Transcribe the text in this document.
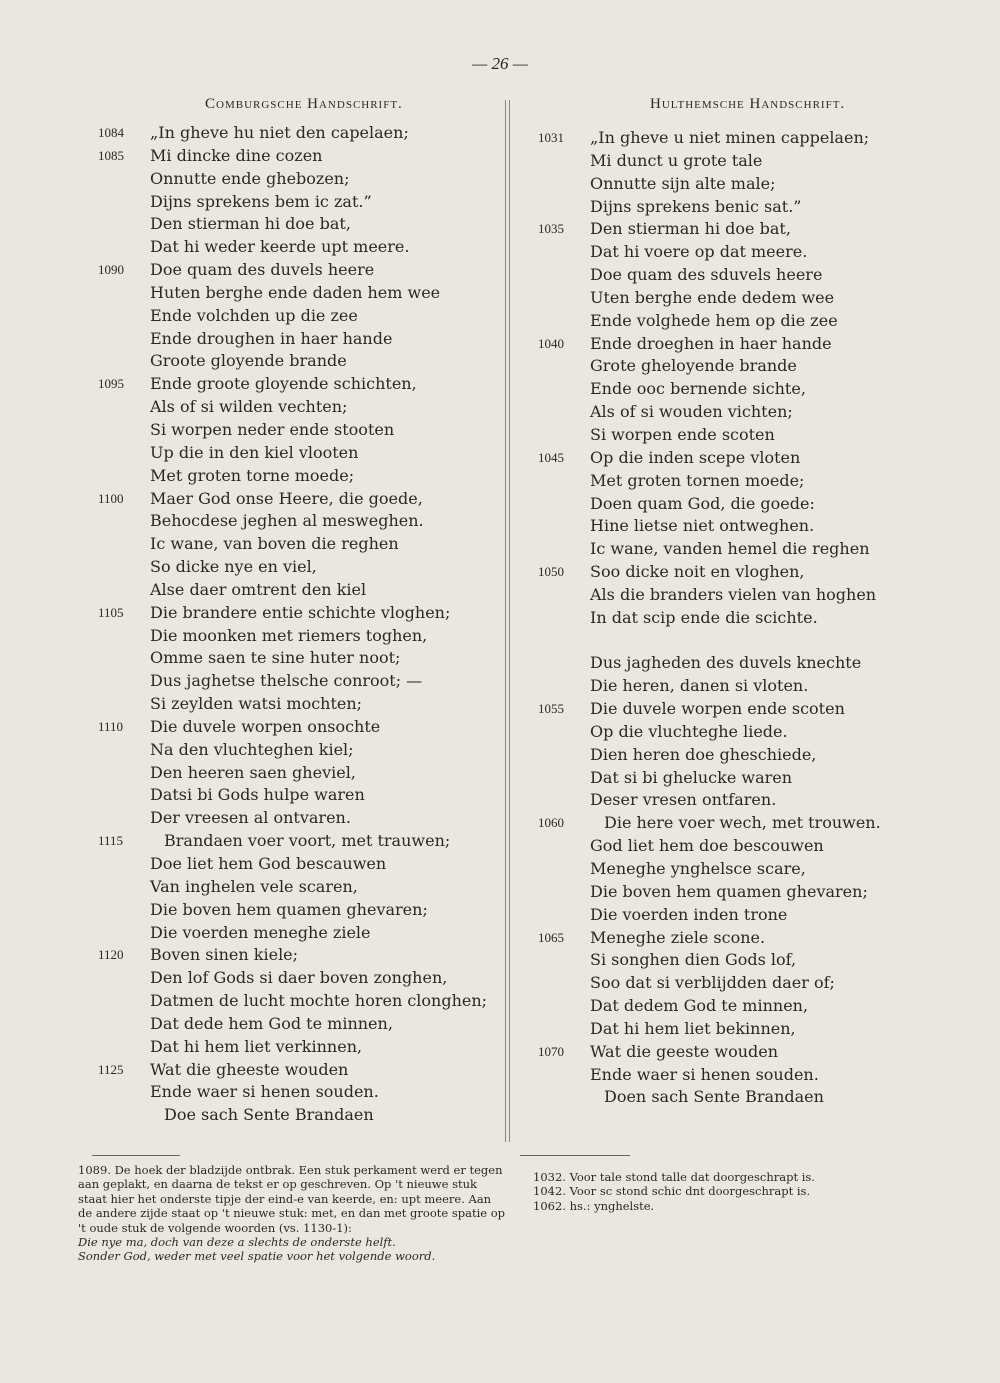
— 26 —
Comburgsche Handschrift.	Hulthemsche Handschrift.
1084	„In gheve hu niet den capelaen;
1085	Mi dincke dine cozen
Onnutte ende ghebozen;
Dijns sprekens bem ic zat.”
Den stierman hi doe bat,
Dat hi weder keerde upt meere.
1090	Doe quam des duvels heere
Huten berghe ende daden hem wee
Ende volchden up die zee
Ende droughen in haer hande
Groote gloyende brande
1095	Ende groote gloyende schichten,
Als of si wilden vechten;
Si worpen neder ende stooten
Up die in den kiel vlooten
Met groten torne moede;
1100	Maer God onse Heere, die goede,
Behocdese jeghen al mesweghen.
Ic wane, van boven die reghen
So dicke nye en viel,
Alse daer omtrent den kiel
1105	Die brandere entie schichte vloghen;
Die moonken met riemers toghen,
Omme saen te sine huter noot;
Dus jaghetse thelsche conroot; —
Si zeylden watsi mochten;
1110	Die duvele worpen onsochte
Na den vluchteghen kiel;
Den heeren saen gheviel,
Datsi bi Gods hulpe waren
Der vreesen al ontvaren.
1115	Brandaen voer voort, met trauwen;
Doe liet hem God bescauwen
Van inghelen vele scaren,
Die boven hem quamen ghevaren;
Die voerden meneghe ziele
1120	Boven sinen kiele;
Den lof Gods si daer boven zonghen,
Datmen de lucht mochte horen clonghen;
Dat dede hem God te minnen,
Dat hi hem liet verkinnen,
1125	Wat die gheeste wouden
Ende waer si henen souden.
Doe sach Sente Brandaen
1031	„In gheve u niet minen cappelaen;
Mi dunct u grote tale
Onnutte sijn alte male;
Dijns sprekens benic sat.”
1035	Den stierman hi doe bat,
Dat hi voere op dat meere.
Doe quam des sduvels heere
Uten berghe ende dedem wee
Ende volghede hem op die zee
1040	Ende droeghen in haer hande
Grote gheloyende brande
Ende ooc bernende sichte,
Als of si wouden vichten;
Si worpen ende scoten
1045	Op die inden scepe vloten
Met groten tornen moede;
Doen quam God, die goede:
Hine lietse niet ontweghen.
Ic wane, vanden hemel die reghen
1050	Soo dicke noit en vloghen,
Als die branders vielen van hoghen
In dat scip ende die scichte.
Dus jagheden des duvels knechte
Die heren, danen si vloten.
1055	Die duvele worpen ende scoten
Op die vluchteghe liede.
Dien heren doe gheschiede,
Dat si bi ghelucke waren
Deser vresen ontfaren.
1060	Die here voer wech, met trouwen.
God liet hem doe bescouwen
Meneghe ynghelsce scare,
Die boven hem quamen ghevaren;
Die voerden inden trone
1065	Meneghe ziele scone.
Si songhen dien Gods lof,
Soo dat si verblijdden daer of;
Dat dedem God te minnen,
Dat hi hem liet bekinnen,
1070	Wat die geeste wouden
Ende waer si henen souden.
Doen sach Sente Brandaen
1089. De hoek der bladzijde ontbrak. Een stuk perkament werd er tegen aan geplakt, en daarna de tekst er op geschreven. Op 't nieuwe stuk staat hier het onderste tipje der eind-e van keerde, en: upt meere. Aan de andere zijde staat op 't nieuwe stuk: met, en dan met groote spatie op 't oude stuk de volgende woorden (vs. 1130-1):
Die nye ma, doch van deze a slechts de onderste helft.
Sonder God, weder met veel spatie voor het volgende woord.
1032. Voor tale stond talle dat doorgeschrapt is.
1042. Voor sc stond schic dnt doorgeschrapt is.
1062. hs.: ynghelste.
